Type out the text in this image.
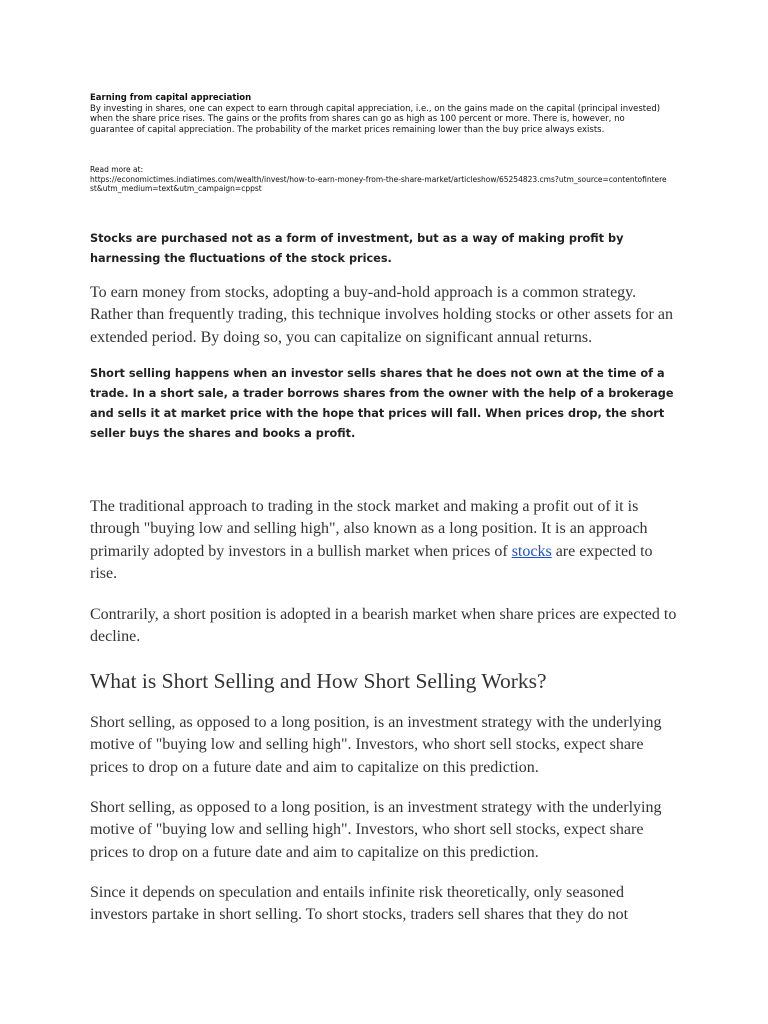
Earning from capital appreciation
By investing in shares, one can expect to earn through capital appreciation, i.e., on the gains made on the capital (principal invested) when the share price rises. The gains or the profits from shares can go as high as 100 percent or more. There is, however, no guarantee of capital appreciation. The probability of the market prices remaining lower than the buy price always exists.
Read more at:
https://economictimes.indiatimes.com/wealth/invest/how-to-earn-money-from-the-share-market/articleshow/65254823.cms?utm_source=contentofinterest&utm_medium=text&utm_campaign=cppst

Stocks are purchased not as a form of investment, but as a way of making profit by harnessing the fluctuations of the stock prices.

To earn money from stocks, adopting a buy-and-hold approach is a common strategy. Rather than frequently trading, this technique involves holding stocks or other assets for an extended period. By doing so, you can capitalize on significant annual returns.

Short selling happens when an investor sells shares that he does not own at the time of a trade. In a short sale, a trader borrows shares from the owner with the help of a brokerage and sells it at market price with the hope that prices will fall. When prices drop, the short seller buys the shares and books a profit.

The traditional approach to trading in the stock market and making a profit out of it is through "buying low and selling high", also known as a long position. It is an approach primarily adopted by investors in a bullish market when prices of stocks are expected to rise.

Contrarily, a short position is adopted in a bearish market when share prices are expected to decline.

What is Short Selling and How Short Selling Works?

Short selling, as opposed to a long position, is an investment strategy with the underlying motive of "buying low and selling high". Investors, who short sell stocks, expect share prices to drop on a future date and aim to capitalize on this prediction.

Short selling, as opposed to a long position, is an investment strategy with the underlying motive of "buying low and selling high". Investors, who short sell stocks, expect share prices to drop on a future date and aim to capitalize on this prediction.

Since it depends on speculation and entails infinite risk theoretically, only seasoned investors partake in short selling. To short stocks, traders sell shares that they do not
